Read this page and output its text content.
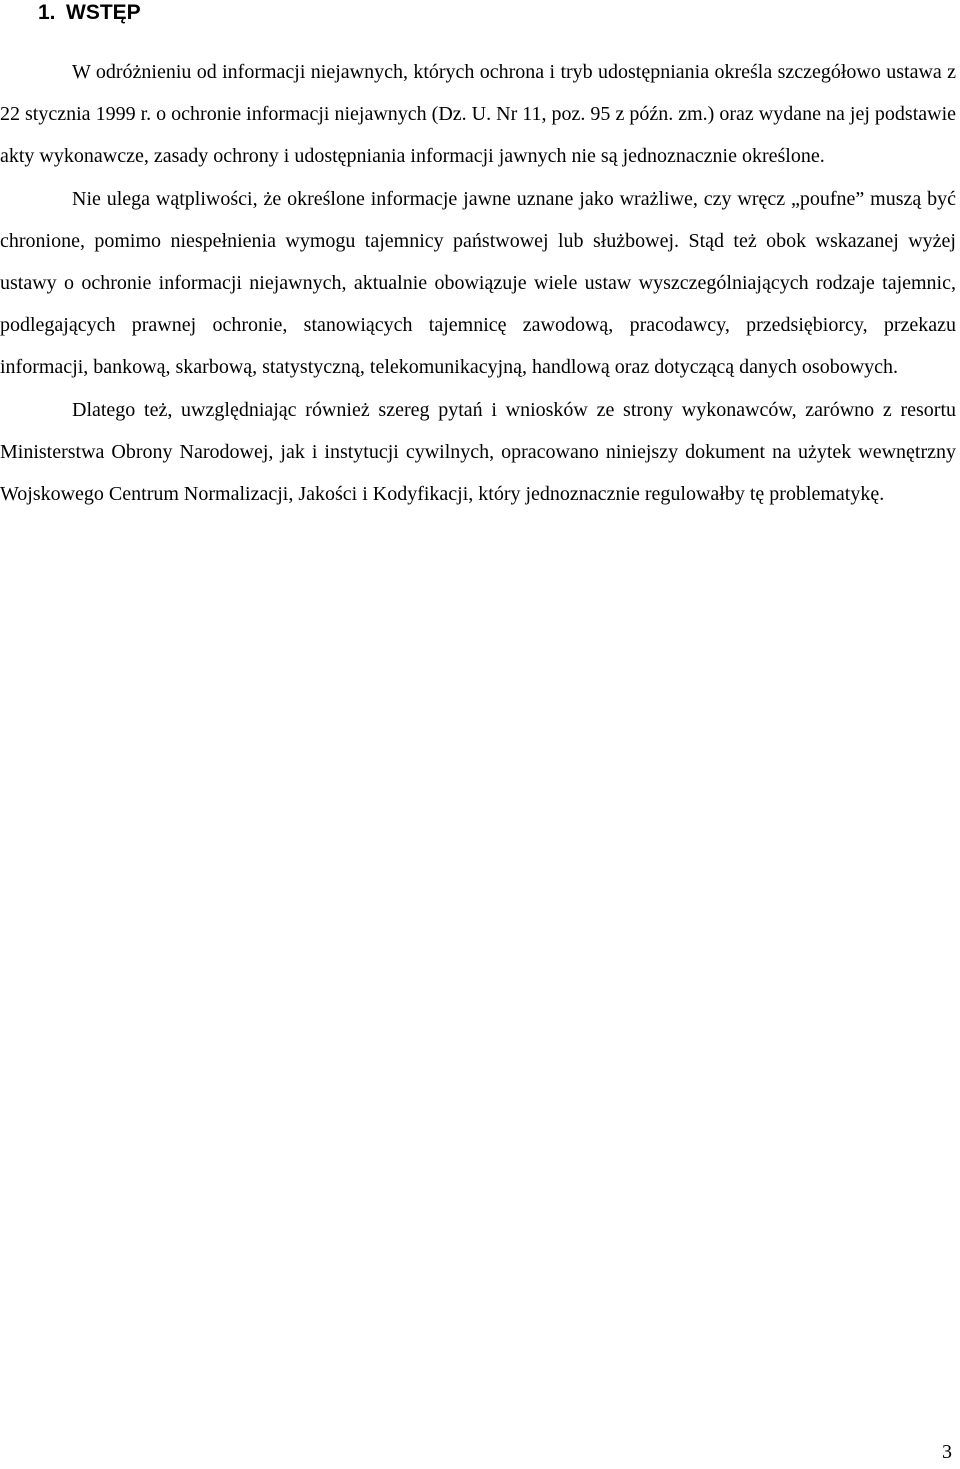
1. WSTĘP

W odróżnieniu od informacji niejawnych, których ochrona i tryb udostępniania określa szczegółowo ustawa z 22 stycznia 1999 r. o ochronie informacji niejawnych (Dz. U. Nr 11, poz. 95 z późn. zm.) oraz wydane na jej podstawie akty wykonawcze, zasady ochrony i udostępniania informacji jawnych nie są jednoznacznie określone.

Nie ulega wątpliwości, że określone informacje jawne uznane jako wrażliwe, czy wręcz „poufne” muszą być chronione, pomimo niespełnienia wymogu tajemnicy państwowej lub służbowej. Stąd też obok wskazanej wyżej ustawy o ochronie informacji niejawnych, aktualnie obowiązuje wiele ustaw wyszczególniających rodzaje tajemnic, podlegających prawnej ochronie, stanowiących tajemnicę zawodową, pracodawcy, przedsiębiorcy, przekazu informacji, bankową, skarbową, statystyczną, telekomunikacyjną, handlową oraz dotyczącą danych osobowych.

Dlatego też, uwzględniając również szereg pytań i wniosków ze strony wykonawców, zarówno z resortu Ministerstwa Obrony Narodowej, jak i instytucji cywilnych, opracowano niniejszy dokument na użytek wewnętrzny Wojskowego Centrum Normalizacji, Jakości i Kodyfikacji, który jednoznacznie regulowałby tę problematykę.

3
